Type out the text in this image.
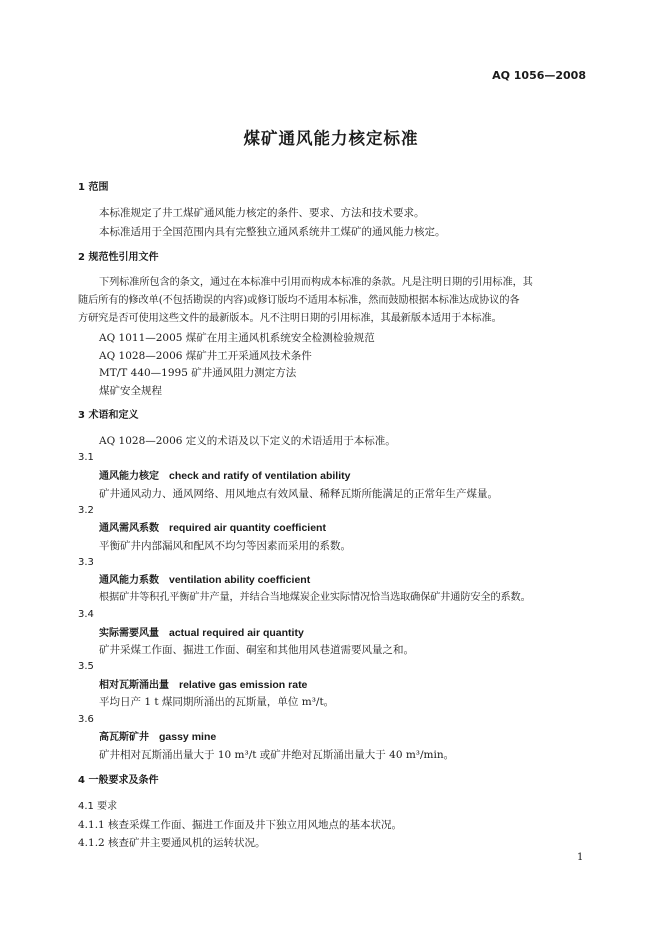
AQ 1056—2008
煤矿通风能力核定标准
1 范围
本标准规定了井工煤矿通风能力核定的条件、要求、方法和技术要求。
本标准适用于全国范围内具有完整独立通风系统井工煤矿的通风能力核定。
2 规范性引用文件
下列标准所包含的条文，通过在本标准中引用而构成本标准的条款。凡是注明日期的引用标准，其
随后所有的修改单(不包括勘误的内容)或修订版均不适用本标准，然而鼓励根据本标准达成协议的各
方研究是否可使用这些文件的最新版本。凡不注明日期的引用标准，其最新版本适用于本标准。
AQ 1011—2005 煤矿在用主通风机系统安全检测检验规范
AQ 1028—2006 煤矿井工开采通风技术条件
MT/T 440—1995 矿井通风阻力测定方法
煤矿安全规程
3 术语和定义
AQ 1028—2006 定义的术语及以下定义的术语适用于本标准。
3.1
通风能力核定 check and ratify of ventilation ability
矿井通风动力、通风网络、用风地点有效风量、稀释瓦斯所能满足的正常年生产煤量。
3.2
通风需风系数 required air quantity coefficient
平衡矿井内部漏风和配风不均匀等因素而采用的系数。
3.3
通风能力系数 ventilation ability coefficient
根据矿井等积孔平衡矿井产量，并结合当地煤炭企业实际情况恰当选取确保矿井通防安全的系数。
3.4
实际需要风量 actual required air quantity
矿井采煤工作面、掘进工作面、硐室和其他用风巷道需要风量之和。
3.5
相对瓦斯涌出量 relative gas emission rate
平均日产 1 t 煤同期所涌出的瓦斯量，单位 m³/t。
3.6
高瓦斯矿井 gassy mine
矿井相对瓦斯涌出量大于 10 m³/t 或矿井绝对瓦斯涌出量大于 40 m³/min。
4 一般要求及条件
4.1 要求
4.1.1 核查采煤工作面、掘进工作面及井下独立用风地点的基本状况。
4.1.2 核查矿井主要通风机的运转状况。
1
